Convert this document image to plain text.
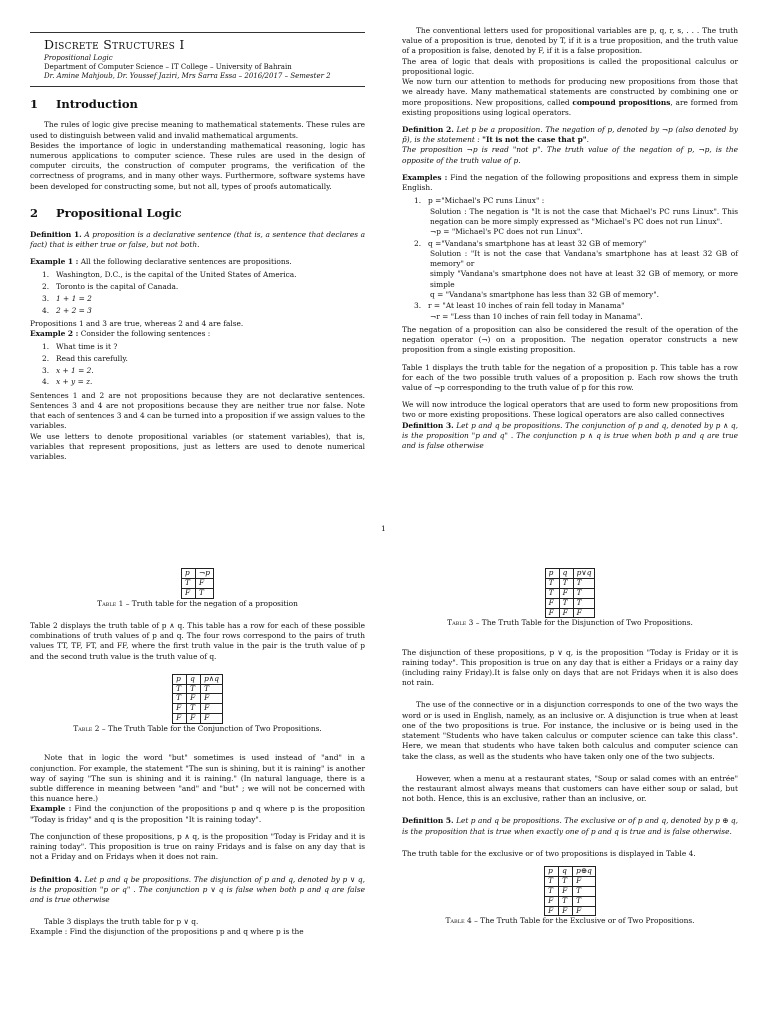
Discrete Structures I
Propositional Logic
Department of Computer Science – IT College – University of Bahrain
Dr. Amine Mahjoub, Dr. Youssef Jaziri, Mrs Sarra Essa – 2016/2017 – Semester 2
1 Introduction

The rules of logic give precise meaning to mathematical statements. These rules are used to distinguish between valid and invalid mathematical arguments.

Besides the importance of logic in understanding mathematical reasoning, logic has numerous applications to computer science. These rules are used in the design of computer circuits, the construction of computer programs, the verification of the correctness of programs, and in many other ways. Furthermore, software systems have been developed for constructing some, but not all, types of proofs automatically.

2 Propositional Logic

Definition 1. A proposition is a declarative sentence (that is, a sentence that declares a fact) that is either true or false, but not both.

Example 1 : All the following declarative sentences are propositions.

1. Washington, D.C., is the capital of the United States of America.
2. Toronto is the capital of Canada.
3. 1 + 1 = 2
4. 2 + 2 = 3

Propositions 1 and 3 are true, whereas 2 and 4 are false.

Example 2 : Consider the following sentences :

1. What time is it ?
2. Read this carefully.
3. x + 1 = 2.
4. x + y = z.

Sentences 1 and 2 are not propositions because they are not declarative sentences. Sentences 3 and 4 are not propositions because they are neither true nor false. Note that each of sentences 3 and 4 can be turned into a proposition if we assign values to the variables.

We use letters to denote propositional variables (or statement variables), that is, variables that represent propositions, just as letters are used to denote numerical variables.

The conventional letters used for propositional variables are p, q, r, s, . . . The truth value of a proposition is true, denoted by T, if it is a true proposition, and the truth value of a proposition is false, denoted by F, if it is a false proposition.

The area of logic that deals with propositions is called the propositional calculus or propositional logic.

We now turn our attention to methods for producing new propositions from those that we already have. Many mathematical statements are constructed by combining one or more propositions. New propositions, called compound propositions, are formed from existing propositions using logical operators.

Definition 2. Let p be a proposition. The negation of p, denoted by ¬p (also denoted by p̄), is the statement : "It is not the case that p".

The proposition ¬p is read "not p". The truth value of the negation of p, ¬p, is the opposite of the truth value of p.

Examples : Find the negation of the following propositions and express them in simple English.

1. p ="Michael's PC runs Linux" :
Solution : The negation is "It is not the case that Michael's PC runs Linux". This negation can be more simply expressed as "Michael's PC does not run Linux".
¬p = "Michael's PC does not run Linux".
2. q ="Vandana's smartphone has at least 32 GB of memory"
Solution : "It is not the case that Vandana's smartphone has at least 32 GB of memory" or
simply "Vandana's smartphone does not have at least 32 GB of memory, or more simple
q = "Vandana's smartphone has less than 32 GB of memory".
3. r = "At least 10 inches of rain fell today in Manama"
¬r = "Less than 10 inches of rain fell today in Manama".

The negation of a proposition can also be considered the result of the operation of the negation operator (¬) on a proposition. The negation operator constructs a new proposition from a single existing proposition.

Table 1 displays the truth table for the negation of a proposition p. This table has a row for each of the two possible truth values of a proposition p. Each row shows the truth value of ¬p corresponding to the truth value of p for this row.

We will now introduce the logical operators that are used to form new propositions from two or more existing propositions. These logical operators are also called connectives

Definition 3. Let p and q be propositions. The conjunction of p and q, denoted by p ∧ q, is the proposition "p and q" . The conjunction p ∧ q is true when both p and q are true and is false otherwise

1
p	¬p
T	F
F	T

Table 1 – Truth table for the negation of a proposition

Table 2 displays the truth table of p ∧ q. This table has a row for each of these possible combinations of truth values of p and q. The four rows correspond to the pairs of truth values TT, TF, FT, and FF, where the first truth value in the pair is the truth value of p and the second truth value is the truth value of q.

p	q	p∧q
T	T	T
T	F	F
F	T	F
F	F	F

Table 2 – The Truth Table for the Conjunction of Two Propositions.

Note that in logic the word "but" sometimes is used instead of "and" in a conjunction. For example, the statement "The sun is shining, but it is raining" is another way of saying "The sun is shining and it is raining." (In natural language, there is a subtle difference in meaning between "and" and "but" ; we will not be concerned with this nuance here.)

Example : Find the conjunction of the propositions p and q where p is the proposition "Today is friday" and q is the proposition "It is raining today".

The conjunction of these propositions, p ∧ q, is the proposition "Today is Friday and it is raining today". This proposition is true on rainy Fridays and is false on any day that is not a Friday and on Fridays when it does not rain.

Definition 4. Let p and q be propositions. The disjunction of p and q, denoted by p ∨ q, is the proposition "p or q" . The conjunction p ∨ q is false when both p and q are false and is true otherwise

Table 3 displays the truth table for p ∨ q.

Example : Find the disjunction of the propositions p and q where p is the

p	q	p∨q
T	T	T
T	F	T
F	T	T
F	F	F

Table 3 – The Truth Table for the Disjunction of Two Propositions.

The disjunction of these propositions, p ∨ q, is the proposition "Today is Friday or it is raining today". This proposition is true on any day that is either a Fridays or a rainy day (including rainy Friday).It is false only on days that are not Fridays when it is also does not rain.

The use of the connective or in a disjunction corresponds to one of the two ways the word or is used in English, namely, as an inclusive or. A disjunction is true when at least one of the two propositions is true. For instance, the inclusive or is being used in the statement "Students who have taken calculus or computer science can take this class". Here, we mean that students who have taken both calculus and computer science can take the class, as well as the students who have taken only one of the two subjects.

However, when a menu at a restaurant states, "Soup or salad comes with an entrée" the restaurant almost always means that customers can have either soup or salad, but not both. Hence, this is an exclusive, rather than an inclusive, or.

Definition 5. Let p and q be propositions. The exclusive or of p and q, denoted by p ⊕ q, is the proposition that is true when exactly one of p and q is true and is false otherwise.

The truth table for the exclusive or of two propositions is displayed in Table 4.

p	q	p⊕q
T	T	F
T	F	T
F	T	T
F	F	F

Table 4 – The Truth Table for the Exclusive or of Two Propositions.
